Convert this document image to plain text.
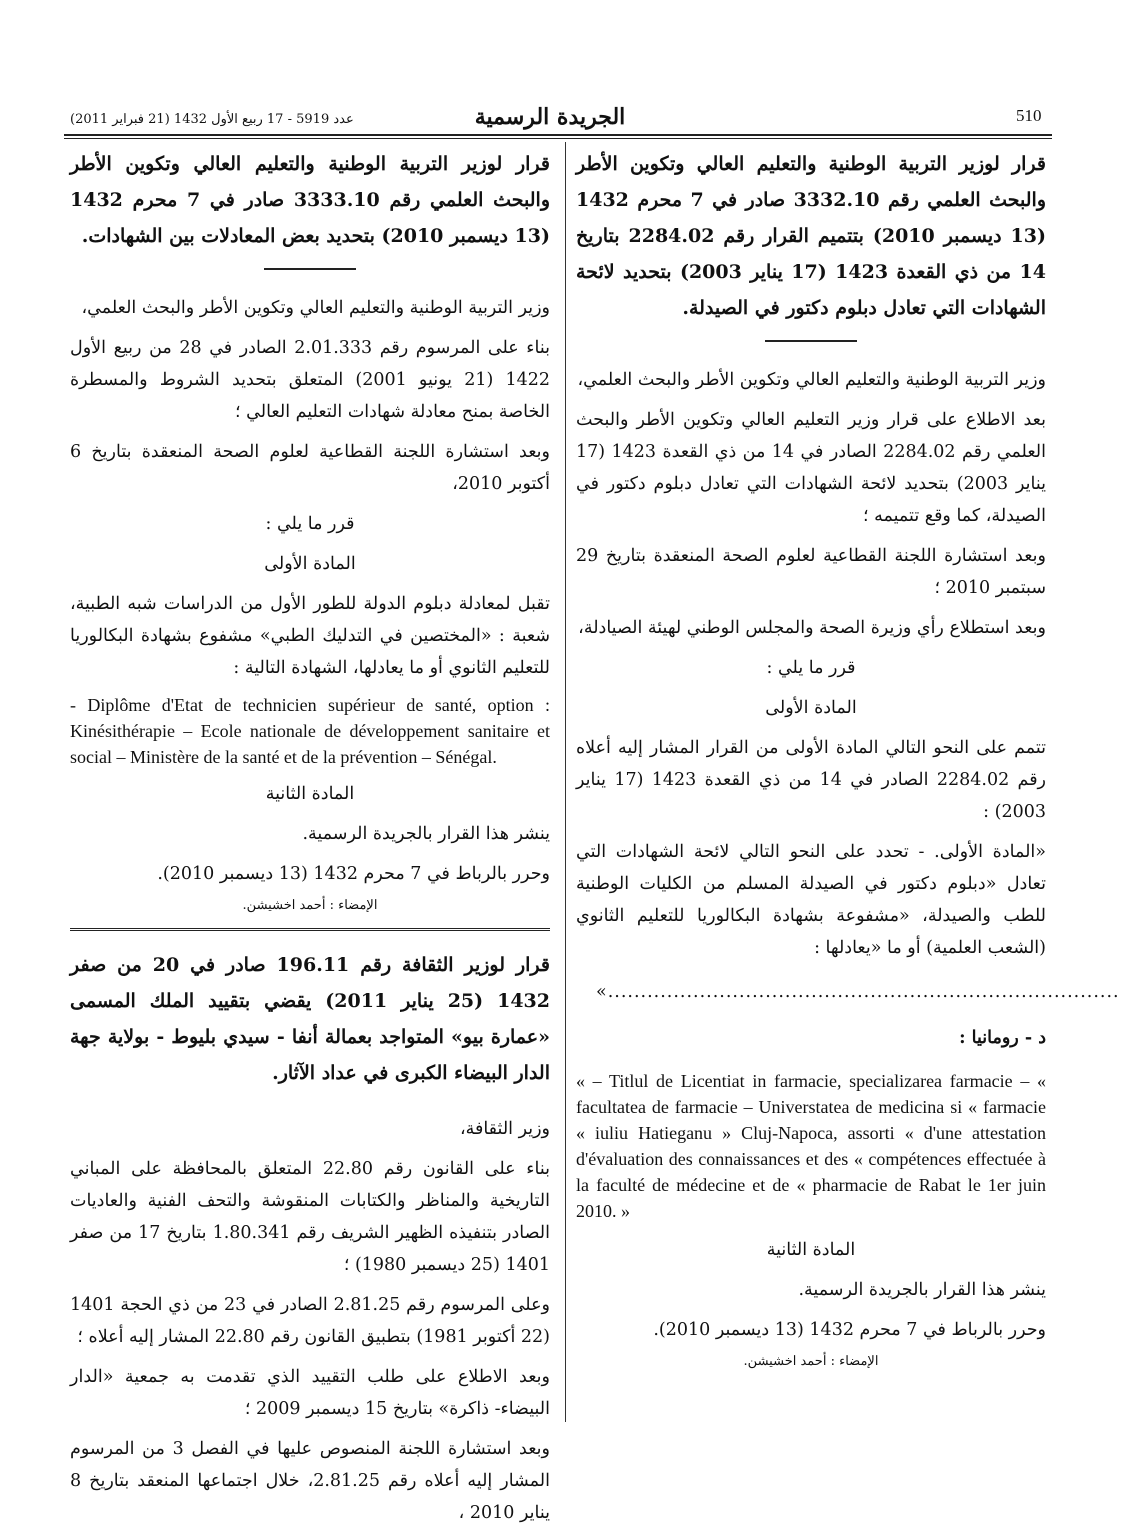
510
الجريدة الرسمية
عدد 5919 - 17 ربيع الأول 1432 (21 فبراير 2011)

قرار لوزير التربية الوطنية والتعليم العالي وتكوين الأطر والبحث العلمي رقم 3332.10 صادر في 7 محرم 1432 (13 ديسمبر 2010) بتتميم القرار رقم 2284.02 بتاريخ 14 من ذي القعدة 1423 (17 يناير 2003) بتحديد لائحة الشهادات التي تعادل دبلوم دكتور في الصيدلة.

وزير التربية الوطنية والتعليم العالي وتكوين الأطر والبحث العلمي،

بعد الاطلاع على قرار وزير التعليم العالي وتكوين الأطر والبحث العلمي رقم 2284.02 الصادر في 14 من ذي القعدة 1423 (17 يناير 2003) بتحديد لائحة الشهادات التي تعادل دبلوم دكتور في الصيدلة، كما وقع تتميمه ؛

وبعد استشارة اللجنة القطاعية لعلوم الصحة المنعقدة بتاريخ 29 سبتمبر 2010 ؛

وبعد استطلاع رأي وزيرة الصحة والمجلس الوطني لهيئة الصيادلة،

قرر ما يلي :

المادة الأولى

تتمم على النحو التالي المادة الأولى من القرار المشار إليه أعلاه رقم 2284.02 الصادر في 14 من ذي القعدة 1423 (17 يناير 2003) :

«المادة الأولى. - تحدد على النحو التالي لائحة الشهادات التي تعادل «دبلوم دكتور في الصيدلة المسلم من الكليات الوطنية للطب والصيدلة، «مشفوعة بشهادة البكالوريا للتعليم الثانوي (الشعب العلمية) أو ما «يعادلها :

«..............................................................................

د - رومانيا :

« – Titlul de Licentiat in farmacie, specializarea farmacie – « facultatea de farmacie – Universtatea de medicina si « farmacie « iuliu Hatieganu » Cluj-Napoca, assorti « d'une attestation d'évaluation des connaissances et des « compétences effectuée à la faculté de médecine et de « pharmacie de Rabat le 1er juin 2010. »

المادة الثانية

ينشر هذا القرار بالجريدة الرسمية.

وحرر بالرباط في 7 محرم 1432 (13 ديسمبر 2010).

الإمضاء : أحمد اخشيشن.

قرار لوزير التربية الوطنية والتعليم العالي وتكوين الأطر والبحث العلمي رقم 3333.10 صادر في 7 محرم 1432 (13 ديسمبر 2010) بتحديد بعض المعادلات بين الشهادات.

وزير التربية الوطنية والتعليم العالي وتكوين الأطر والبحث العلمي،

بناء على المرسوم رقم 2.01.333 الصادر في 28 من ربيع الأول 1422 (21 يونيو 2001) المتعلق بتحديد الشروط والمسطرة الخاصة بمنح معادلة شهادات التعليم العالي ؛

وبعد استشارة اللجنة القطاعية لعلوم الصحة المنعقدة بتاريخ 6 أكتوبر 2010،

قرر ما يلي :

المادة الأولى

تقبل لمعادلة دبلوم الدولة للطور الأول من الدراسات شبه الطبية، شعبة : «المختصين في التدليك الطبي» مشفوع بشهادة البكالوريا للتعليم الثانوي أو ما يعادلها، الشهادة التالية :

- Diplôme d'Etat de technicien supérieur de santé, option : Kinésithérapie – Ecole nationale de développement sanitaire et social – Ministère de la santé et de la prévention – Sénégal.

المادة الثانية

ينشر هذا القرار بالجريدة الرسمية.

وحرر بالرباط في 7 محرم 1432 (13 ديسمبر 2010).

الإمضاء : أحمد اخشيشن.

قرار لوزير الثقافة رقم 196.11 صادر في 20 من صفر 1432 (25 يناير 2011) يقضي بتقييد الملك المسمى «عمارة بيو» المتواجد بعمالة أنفا - سيدي بليوط - بولاية جهة الدار البيضاء الكبرى في عداد الآثار.

وزير الثقافة،

بناء على القانون رقم 22.80 المتعلق بالمحافظة على المباني التاريخية والمناظر والكتابات المنقوشة والتحف الفنية والعاديات الصادر بتنفيذه الظهير الشريف رقم 1.80.341 بتاريخ 17 من صفر 1401 (25 ديسمبر 1980) ؛

وعلى المرسوم رقم 2.81.25 الصادر في 23 من ذي الحجة 1401 (22 أكتوبر 1981) بتطبيق القانون رقم 22.80 المشار إليه أعلاه ؛

وبعد الاطلاع على طلب التقييد الذي تقدمت به جمعية «الدار البيضاء- ذاكرة» بتاريخ 15 ديسمبر 2009 ؛

وبعد استشارة اللجنة المنصوص عليها في الفصل 3 من المرسوم المشار إليه أعلاه رقم 2.81.25، خلال اجتماعها المنعقد بتاريخ 8 يناير 2010 ،
